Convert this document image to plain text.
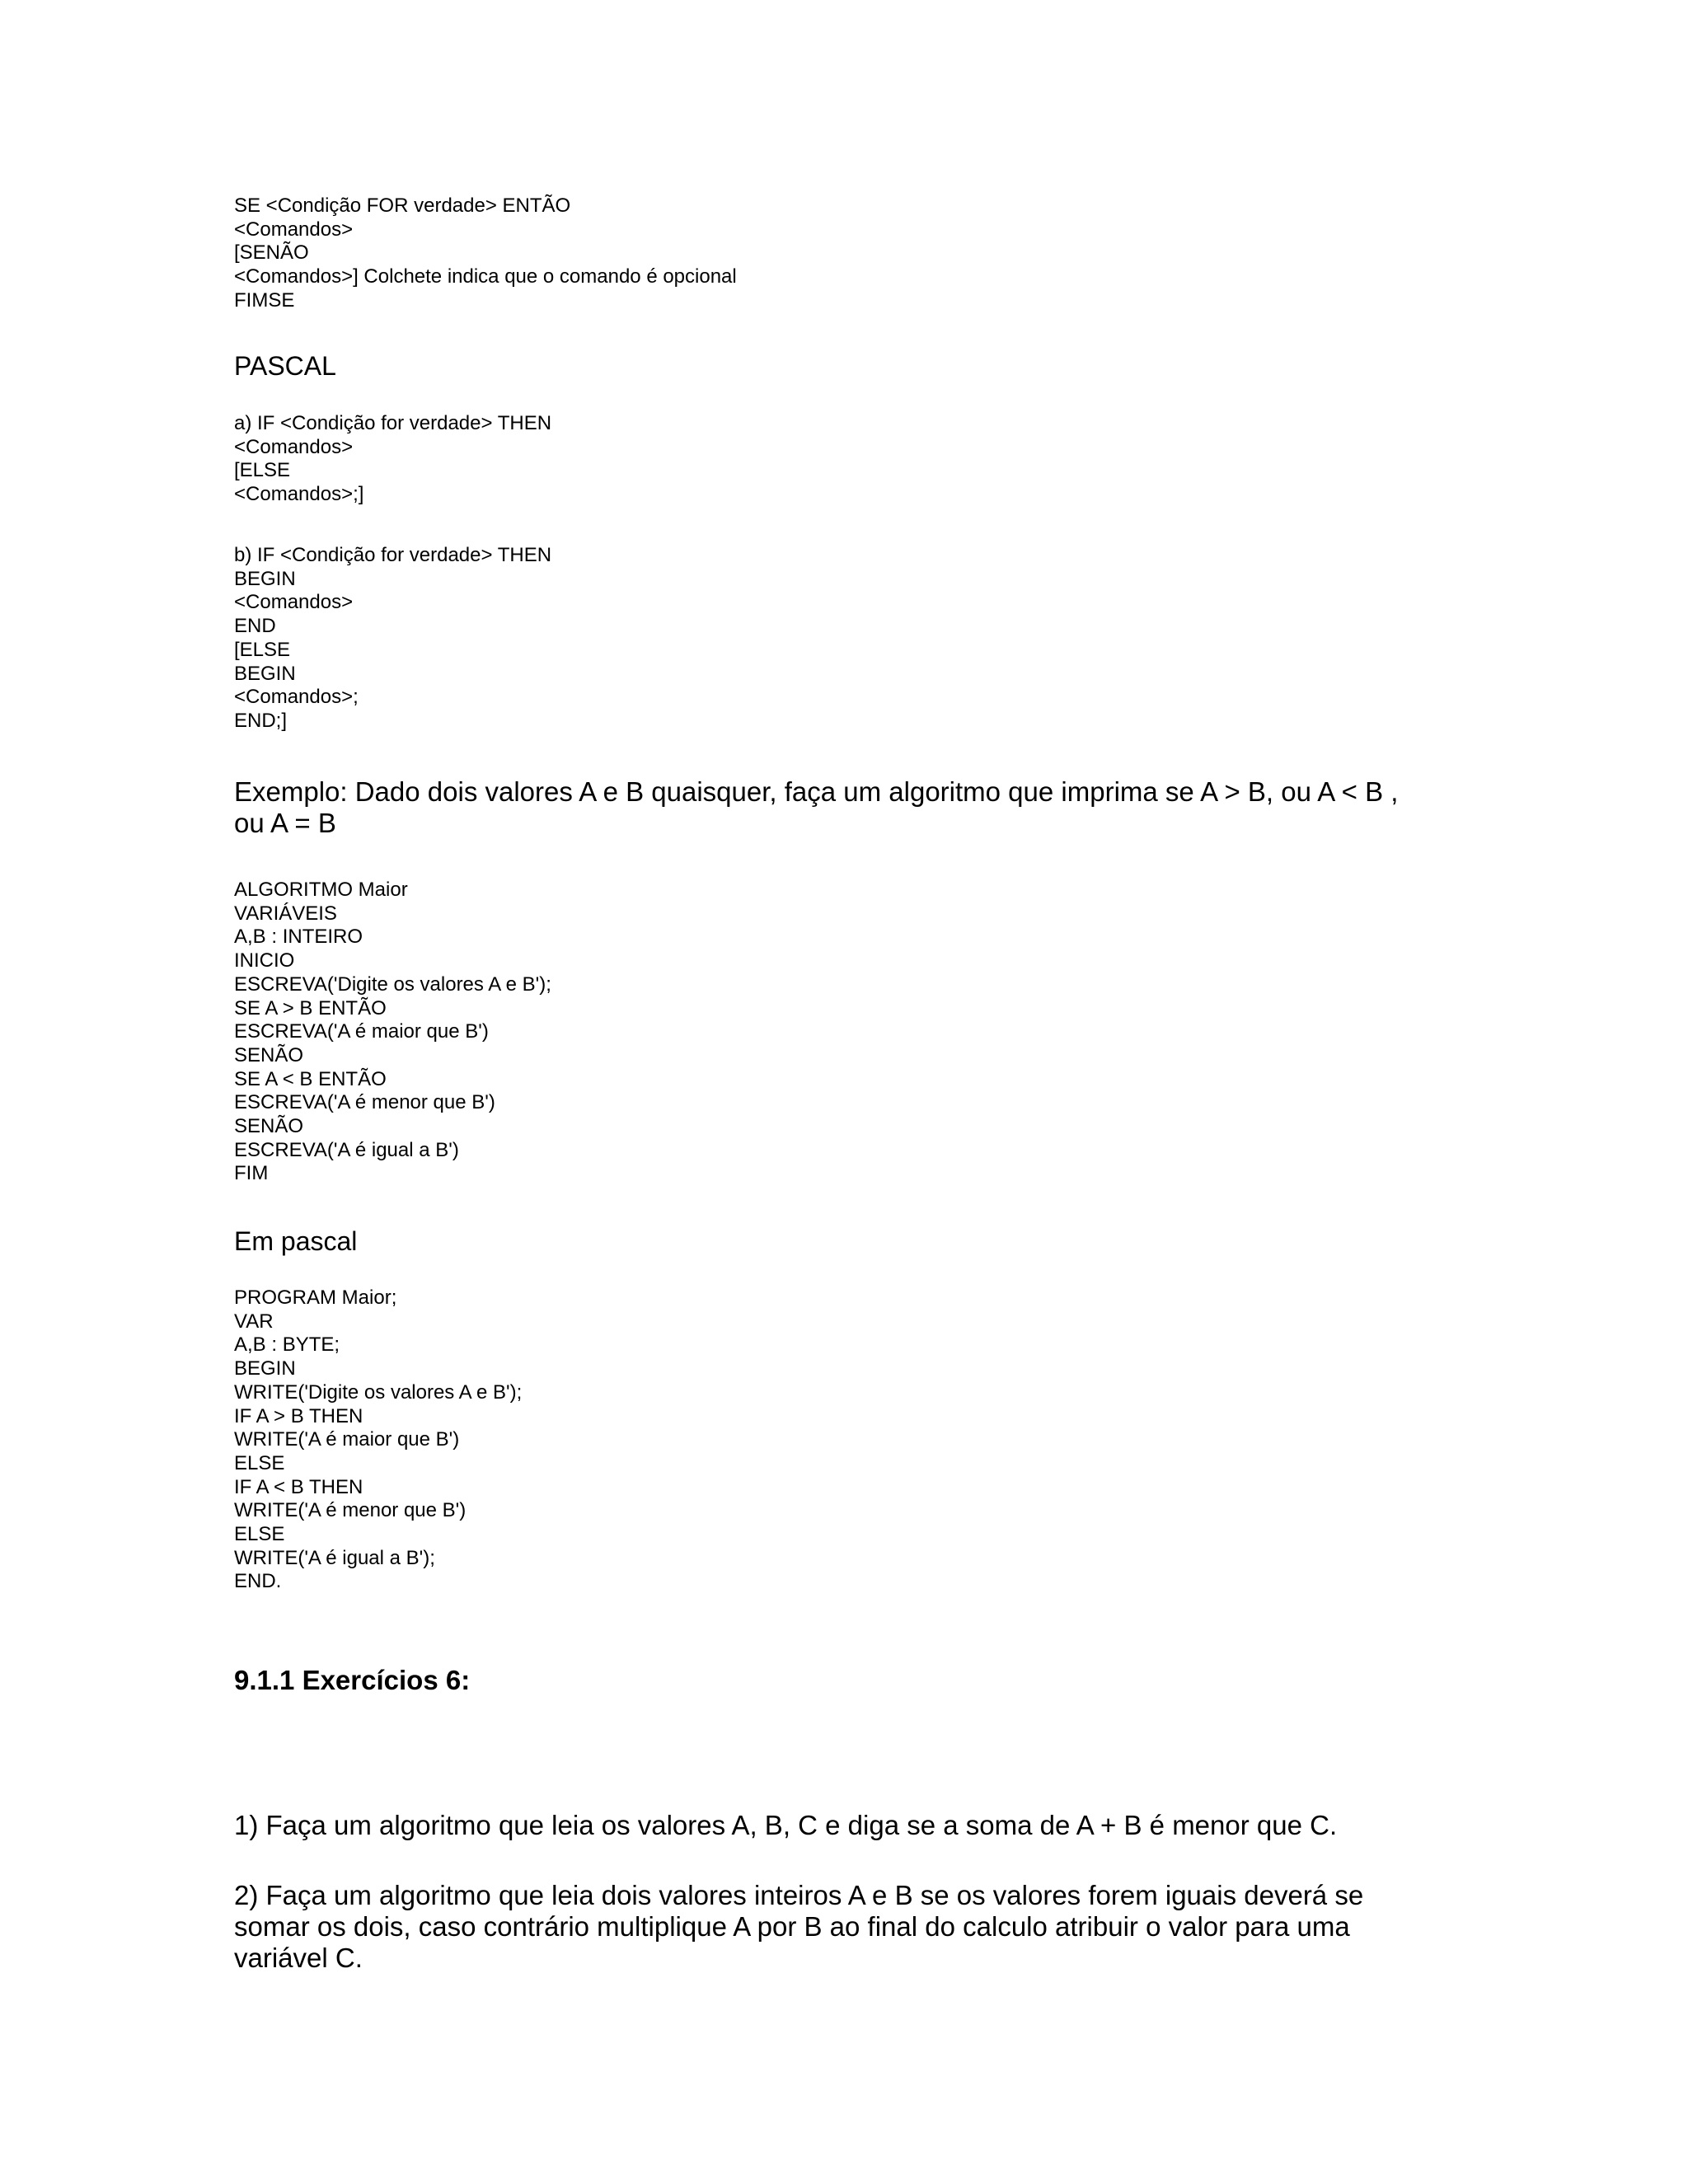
SE <Condição FOR verdade> ENTÃO
<Comandos>
[SENÃO
<Comandos>] Colchete indica que o comando é opcional
FIMSE
PASCAL
a) IF <Condição for verdade> THEN
<Comandos>
[ELSE
<Comandos>;]
b) IF <Condição for verdade> THEN
BEGIN
<Comandos>
END
[ELSE
BEGIN
<Comandos>;
END;]
Exemplo: Dado dois valores A e B quaisquer, faça um algoritmo que imprima se A > B, ou A < B ,
ou A = B
ALGORITMO Maior
VARIÁVEIS
A,B : INTEIRO
INICIO
ESCREVA('Digite os valores A e B');
SE A > B ENTÃO
ESCREVA('A é maior que B')
SENÃO
SE A < B ENTÃO
ESCREVA('A é menor que B')
SENÃO
ESCREVA('A é igual a B')
FIM
Em pascal
PROGRAM Maior;
VAR
A,B : BYTE;
BEGIN
WRITE('Digite os valores A e B');
IF A > B THEN
WRITE('A é maior que B')
ELSE
IF A < B THEN
WRITE('A é menor que B')
ELSE
WRITE('A é igual a B');
END.
9.1.1 Exercícios 6:
1) Faça um algoritmo que leia os valores A, B, C e diga se a soma de A + B é menor que C.
2) Faça um algoritmo que leia dois valores inteiros A e B se os valores forem iguais deverá se
somar os dois, caso contrário multiplique A por B ao final do calculo atribuir o valor para uma
variável C.
